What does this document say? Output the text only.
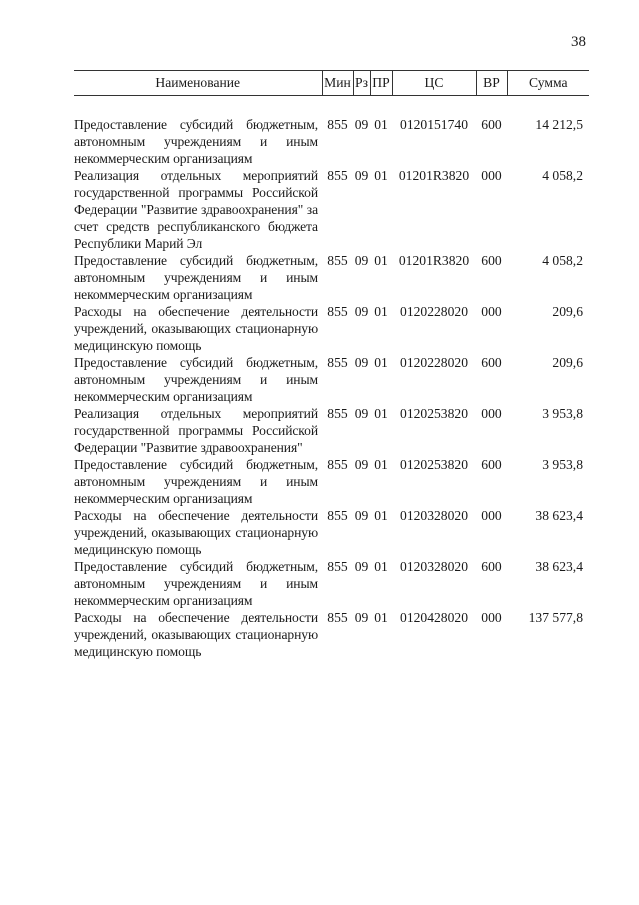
38
Наименование	Мин	Рз	ПР	ЦС	ВР	Сумма

Предоставление субсидий бюджетным, автономным учреждениям и иным некоммерческим организациям	855	09	01	0120151740	600	14 212,5
Реализация отдельных мероприятий государственной программы Российской Федерации "Развитие здравоохранения" за счет средств республиканского бюджета Республики Марий Эл	855	09	01	01201R3820	000	4 058,2
Предоставление субсидий бюджетным, автономным учреждениям и иным некоммерческим организациям	855	09	01	01201R3820	600	4 058,2
Расходы на обеспечение деятельности учреждений, оказывающих стационарную медицинскую помощь	855	09	01	0120228020	000	209,6
Предоставление субсидий бюджетным, автономным учреждениям и иным некоммерческим организациям	855	09	01	0120228020	600	209,6
Реализация отдельных мероприятий государственной программы Российской Федерации "Развитие здравоохранения"	855	09	01	0120253820	000	3 953,8
Предоставление субсидий бюджетным, автономным учреждениям и иным некоммерческим организациям	855	09	01	0120253820	600	3 953,8
Расходы на обеспечение деятельности учреждений, оказывающих стационарную медицинскую помощь	855	09	01	0120328020	000	38 623,4
Предоставление субсидий бюджетным, автономным учреждениям и иным некоммерческим организациям	855	09	01	0120328020	600	38 623,4
Расходы на обеспечение деятельности учреждений, оказывающих стационарную медицинскую помощь	855	09	01	0120428020	000	137 577,8
